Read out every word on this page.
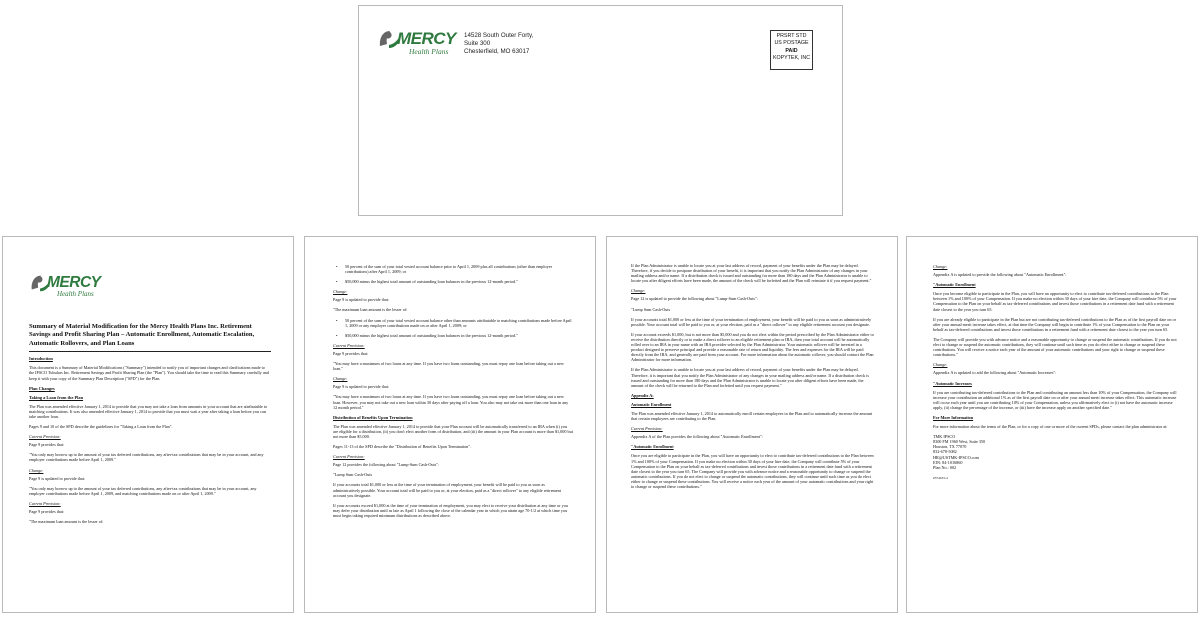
MERCY
Health Plans
14528 South Outer Forty,
Suite 300
Chesterfield, MO 63017
PRSRT STD
US POSTAGE
PAID
KOPYTEK, INC
MERCY
Health Plans

Summary of Material Modification for the Mercy Health Plans Inc. Retirement Savings and Profit Sharing Plan – Automatic Enrollment, Automatic Escalation, Automatic Rollovers, and Plan Loans

Introduction

This document is a Summary of Material Modifications ("Summary") intended to notify you of important changes and clarifications made to the IPSCO Tubulars Inc. Retirement Savings and Profit Sharing Plan (the "Plan"). You should take the time to read this Summary carefully and keep it with your copy of the Summary Plan Description ("SPD") for the Plan.

Plan Changes

Taking a Loan from the Plan

The Plan was amended effective January 1, 2014 to provide that you may not take a loan from amounts in your account that are attributable to matching contributions. It was also amended effective January 1, 2014 to provide that you must wait a year after taking a loan before you can take another loan.

Pages 9 and 10 of the SPD describe the guidelines for "Taking a Loan from the Plan".

Current Provision:

Page 9 provides that:

"You only may borrow up to the amount of your tax deferred contributions, any after-tax contributions that may be in your account, and any employer contributions made before April 1, 2009."

Change:

Page 9 is updated to provide that:

"You only may borrow up to the amount of your tax deferred contributions, any after-tax contributions that may be in your account, any employer contributions made before April 1, 2009, and matching contributions made on or after April 1, 2009."

Current Provision:

Page 9 provides that:

"The maximum loan amount is the lesser of:

• 50 percent of the sum of your total vested account balance prior to April 1, 2009 plus all contributions (other than employer contributions) after April 1, 2009; or

• $50,000 minus the highest total amount of outstanding loan balances in the previous 12-month period."

Change:

Page 9 is updated to provide that:

"The maximum loan amount is the lesser of:

• 50 percent of the sum of your total vested account balance other than amounts attributable to matching contributions made before April 1, 2009 or any employer contributions made on or after April 1, 2009; or

• $50,000 minus the highest total amount of outstanding loan balances in the previous 12-month period."

Current Provision:

Page 9 provides that:

"You may have a maximum of two loans at any time. If you have two loans outstanding, you must repay one loan before taking out a new loan."

Change:

Page 9 is updated to provide that:

"You may have a maximum of two loans at any time. If you have two loans outstanding, you must repay one loan before taking out a new loan. However, you may not take out a new loan within 30 days after paying off a loan. You also may not take out more than one loan in any 12 month period."

Distribution of Benefits Upon Termination

The Plan was amended effective January 1, 2014 to provide that your Plan account will be automatically transferred to an IRA when (i) you are eligible for a distribution, (ii) you don't elect another form of distribution, and (iii) the amount in your Plan account is more than $1,000 but not more than $5,000.

Pages 11-13 of the SPD describe the "Distribution of Benefits Upon Termination".

Current Provision:

Page 12 provides the following about "Lump-Sum Cash-Outs":

"Lump Sum Cash-Outs

If your accounts total $1,000 or less at the time of your termination of employment, your benefit will be paid to you as soon as administratively possible. Your account total will be paid to you or, at your election, paid as a "direct rollover" to any eligible retirement account you designate.

If your accounts exceed $1,000 at the time of your termination of employment, you may elect to receive your distribution at any time or you may defer your distribution until as late as April 1 following the close of the calendar year in which you attain age 70-1/2 at which time you must begin taking required minimum distributions as described above.

If the Plan Administrator is unable to locate you at your last address of record, payment of your benefits under the Plan may be delayed. Therefore, if you decide to postpone distribution of your benefit, it is important that you notify the Plan Administrator of any changes in your mailing address and/or name. If a distribution check is issued and outstanding for more than 180 days and the Plan Administrator is unable to locate you after diligent efforts have been made, the amount of the check will be forfeited and the Plan will reinstate it if you request payment."

Change:

Page 12 is updated to provide the following about "Lump-Sum Cash-Outs":

"Lump Sum Cash-Outs

If your accounts total $1,000 or less at the time of your termination of employment, your benefit will be paid to you as soon as administratively possible. Your account total will be paid to you or, at your election, paid as a "direct rollover" to any eligible retirement account you designate.

If your account exceeds $1,000, but is not more than $5,000 and you do not elect within the period prescribed by the Plan Administrator either to receive the distribution directly or to make a direct rollover to an eligible retirement plan or IRA, then your total account will be automatically rolled over to an IRA in your name with an IRA provider selected by the Plan Administrator. Your automatic rollover will be invested in a product designed to preserve principal and provide a reasonable rate of return and liquidity. The fees and expenses for the IRA will be paid directly from the IRA, and generally are paid from your account. For more information about the automatic rollover, you should contact the Plan Administrator for more information.

If the Plan Administrator is unable to locate you at your last address of record, payment of your benefits under the Plan may be delayed. Therefore, it is important that you notify the Plan Administrator of any changes in your mailing address and/or name. If a distribution check is issued and outstanding for more than 180 days and the Plan Administrator is unable to locate you after diligent efforts have been made, the amount of the check will be returned to the Plan and forfeited until you request payment."

Appendix A:

Automatic Enrollment

The Plan was amended effective January 1, 2014 to automatically enroll certain employees in the Plan and to automatically increase the amount that certain employees are contributing to the Plan.

Current Provision:

Appendix A of the Plan provides the following about "Automatic Enrollment":

"Automatic Enrollment

Once you are eligible to participate in the Plan, you will have an opportunity to elect to contribute tax-deferred contributions to the Plan between 1% and 100% of your Compensation. If you make no election within 30 days of your hire date, the Company will contribute 5% of your Compensation to the Plan on your behalf as tax-deferred contributions and invest those contributions in a retirement date fund with a retirement date closest to the year you turn 65. The Company will provide you with advance notice and a reasonable opportunity to change or suspend the automatic contributions. If you do not elect to change or suspend the automatic contributions, they will continue until such time as you do elect either to change or suspend these contributions. You will receive a notice each year of the amount of your automatic contributions and your right to change or suspend these contributions."

Change:

Appendix A is updated to provide the following about "Automatic Enrollment":

"Automatic Enrollment

Once you become eligible to participate in the Plan, you will have an opportunity to elect to contribute tax-deferred contributions to the Plan between 1% and 100% of your Compensation. If you make no election within 30 days of your hire date, the Company will contribute 5% of your Compensation to the Plan on your behalf as tax-deferred contributions and invest those contributions in a retirement date fund with a retirement date closest to the year you turn 65.

If you are already eligible to participate in the Plan but are not contributing tax-deferred contributions to the Plan as of the first payroll date on or after your annual merit increase takes effect, at that time the Company will begin to contribute 1% of your Compensation to the Plan on your behalf as tax-deferred contributions and invest those contributions in a retirement fund with a retirement date closest to the year you turn 65.

The Company will provide you with advance notice and a reasonable opportunity to change or suspend the automatic contributions. If you do not elect to change or suspend the automatic contributions, they will continue until such time as you do elect either to change or suspend these contributions. You will receive a notice each year of the amount of your automatic contributions and your right to change or suspend these contributions."

Change:

Appendix A is updated to add the following about "Automatic Increases":

"Automatic Increases

If you are contributing tax-deferred contributions to the Plan and contributing an amount less than 10% of your Compensation, the Company will increase your contribution an additional 1% as of the first payroll date on or after your annual merit increase takes effect. This automatic increase will occur each year until you are contributing 10% of your Compensation, unless you affirmatively elect to (i) not have the automatic increase apply, (ii) change the percentage of the increase, or (iii) have the increase apply on another specified date."

For More Information

For more information about the terms of the Plan, or for a copy of one or more of the current SPDs, please contact the plan administrator at:

TMK IPSCO

8300 FM 1960 West, Suite 350

Houston, TX 77070

832-678-5082

HR@USTMK-IPSCO.com

EIN: 84-1016860

Plan No.: 002

#574433-4
